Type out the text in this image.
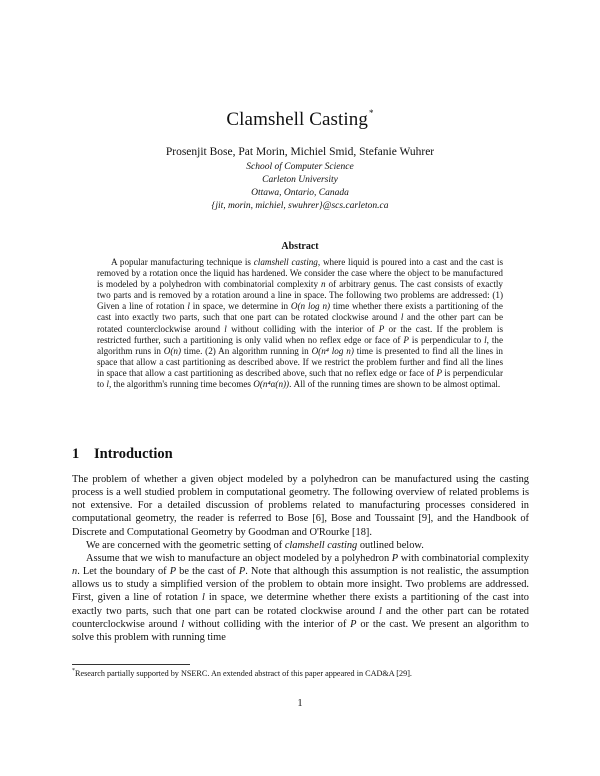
Clamshell Casting*
Prosenjit Bose, Pat Morin, Michiel Smid, Stefanie Wuhrer
School of Computer Science
Carleton University
Ottawa, Ontario, Canada
{jit, morin, michiel, swuhrer}@scs.carleton.ca
Abstract

A popular manufacturing technique is clamshell casting, where liquid is poured into a cast and the cast is removed by a rotation once the liquid has hardened. We consider the case where the object to be manufactured is modeled by a polyhedron with combinatorial complexity n of arbitrary genus. The cast consists of exactly two parts and is removed by a rotation around a line in space. The following two problems are addressed: (1) Given a line of rotation l in space, we determine in O(n log n) time whether there exists a partitioning of the cast into exactly two parts, such that one part can be rotated clockwise around l and the other part can be rotated counterclockwise around l without colliding with the interior of P or the cast. If the problem is restricted further, such a partitioning is only valid when no reflex edge or face of P is perpendicular to l, the algorithm runs in O(n) time. (2) An algorithm running in O(n⁴ log n) time is presented to find all the lines in space that allow a cast partitioning as described above. If we restrict the problem further and find all the lines in space that allow a cast partitioning as described above, such that no reflex edge or face of P is perpendicular to l, the algorithm's running time becomes O(n⁴α(n)). All of the running times are shown to be almost optimal.

1 Introduction

The problem of whether a given object modeled by a polyhedron can be manufactured using the casting process is a well studied problem in computational geometry. The following overview of related problems is not extensive. For a detailed discussion of problems related to manufacturing processes considered in computational geometry, the reader is referred to Bose [6], Bose and Toussaint [9], and the Handbook of Discrete and Computational Geometry by Goodman and O'Rourke [18].

We are concerned with the geometric setting of clamshell casting outlined below.

Assume that we wish to manufacture an object modeled by a polyhedron P with combinatorial complexity n. Let the boundary of P be the cast of P. Note that although this assumption is not realistic, the assumption allows us to study a simplified version of the problem to obtain more insight. Two problems are addressed. First, given a line of rotation l in space, we determine whether there exists a partitioning of the cast into exactly two parts, such that one part can be rotated clockwise around l and the other part can be rotated counterclockwise around l without colliding with the interior of P or the cast. We present an algorithm to solve this problem with running time

*Research partially supported by NSERC. An extended abstract of this paper appeared in CAD&A [29].
1
